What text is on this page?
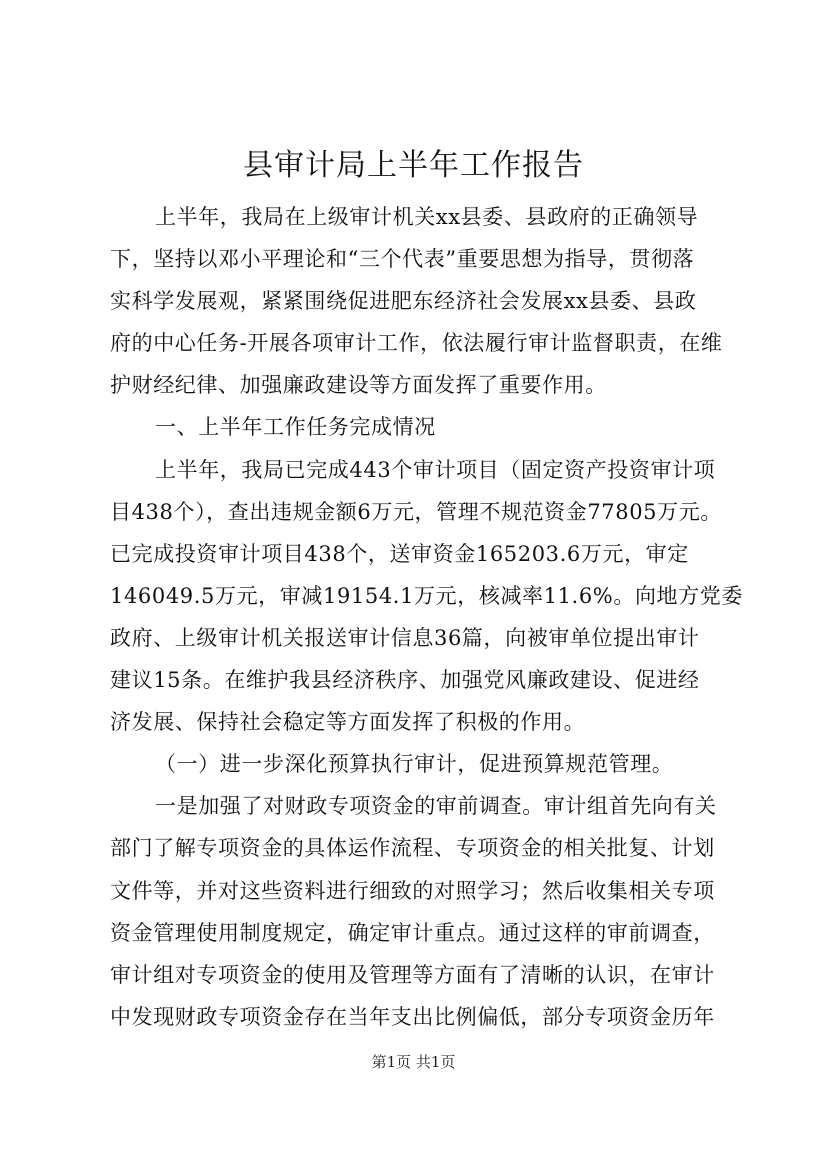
县审计局上半年工作报告
上半年，我局在上级审计机关xx县委、县政府的正确领导
下，坚持以邓小平理论和“三个代表”重要思想为指导，贯彻落
实科学发展观，紧紧围绕促进肥东经济社会发展xx县委、县政
府的中心任务-开展各项审计工作，依法履行审计监督职责，在维
护财经纪律、加强廉政建设等方面发挥了重要作用。
一、上半年工作任务完成情况
上半年，我局已完成443个审计项目（固定资产投资审计项
目438个），查出违规金额6万元，管理不规范资金77805万元。
已完成投资审计项目438个，送审资金165203.6万元，审定
146049.5万元，审减19154.1万元，核减率11.6%。向地方党委
政府、上级审计机关报送审计信息36篇，向被审单位提出审计
建议15条。在维护我县经济秩序、加强党风廉政建设、促进经
济发展、保持社会稳定等方面发挥了积极的作用。
（一）进一步深化预算执行审计，促进预算规范管理。
一是加强了对财政专项资金的审前调查。审计组首先向有关
部门了解专项资金的具体运作流程、专项资金的相关批复、计划
文件等，并对这些资料进行细致的对照学习；然后收集相关专项
资金管理使用制度规定，确定审计重点。通过这样的审前调查，
审计组对专项资金的使用及管理等方面有了清晰的认识，在审计
中发现财政专项资金存在当年支出比例偏低，部分专项资金历年
第1页 共1页
